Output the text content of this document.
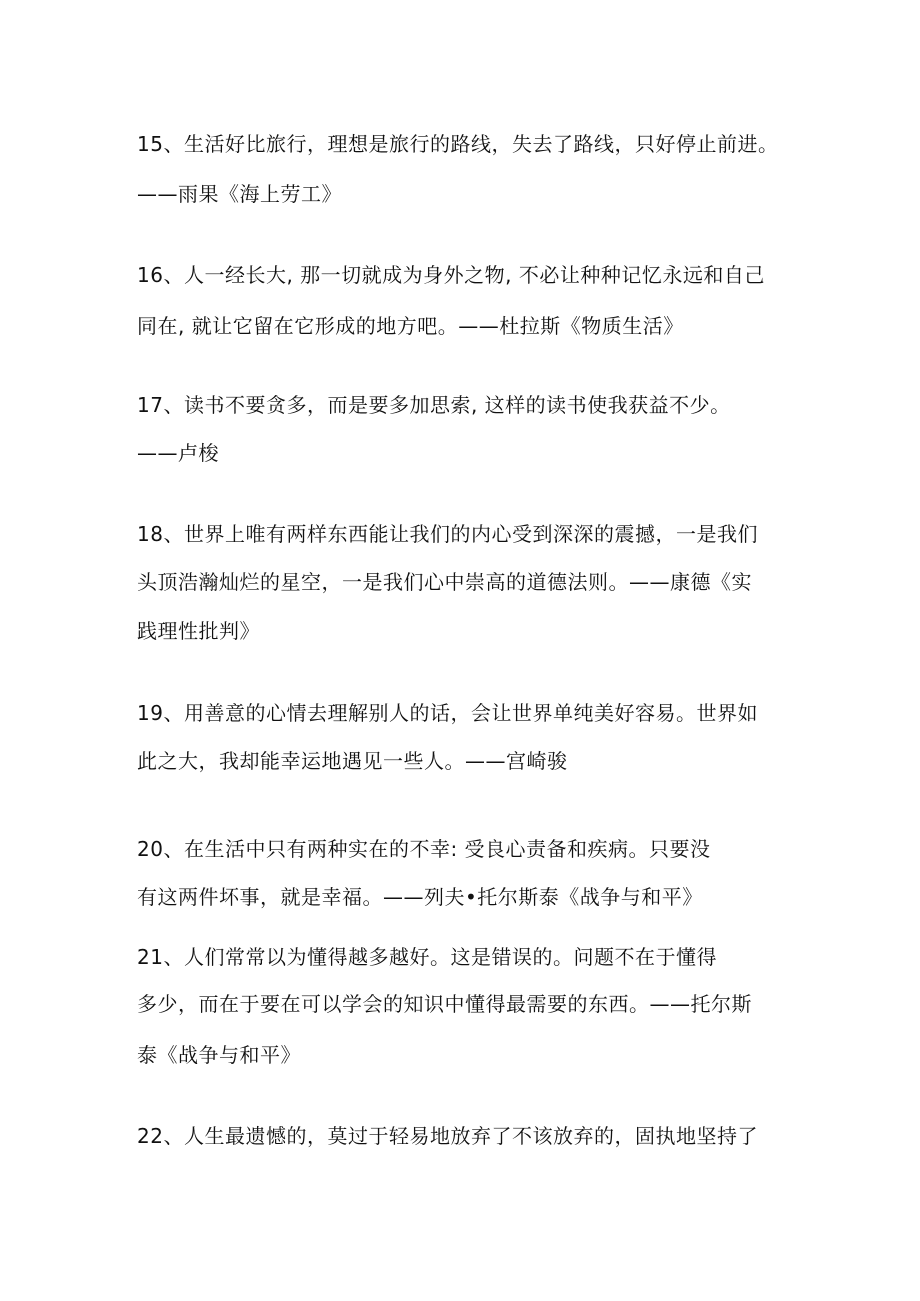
15、生活好比旅行，理想是旅行的路线，失去了路线，只好停止前进。
——雨果《海上劳工》
16、人一经长大, 那一切就成为身外之物, 不必让种种记忆永远和自己
同在, 就让它留在它形成的地方吧。——杜拉斯《物质生活》
17、读书不要贪多，而是要多加思索, 这样的读书使我获益不少。
——卢梭
18、世界上唯有两样东西能让我们的内心受到深深的震撼，一是我们
头顶浩瀚灿烂的星空，一是我们心中崇高的道德法则。——康德《实
践理性批判》
19、用善意的心情去理解别人的话，会让世界单纯美好容易。世界如
此之大，我却能幸运地遇见一些人。——宫崎骏
20、在生活中只有两种实在的不幸: 受良心责备和疾病。只要没
有这两件坏事，就是幸福。——列夫•托尔斯泰《战争与和平》
21、人们常常以为懂得越多越好。这是错误的。问题不在于懂得
多少，而在于要在可以学会的知识中懂得最需要的东西。——托尔斯
泰《战争与和平》
22、人生最遗憾的，莫过于轻易地放弃了不该放弃的，固执地坚持了
